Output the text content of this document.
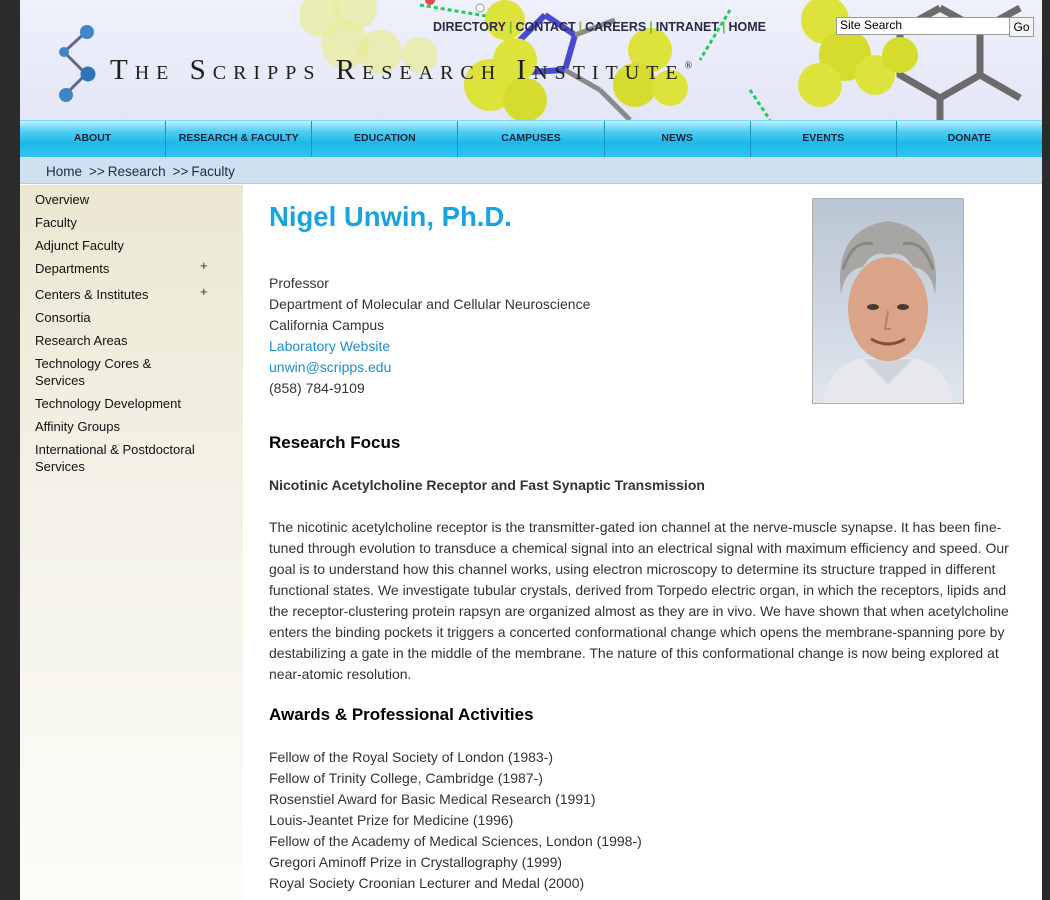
The Scripps Research Institute®
DIRECTORY | CONTACT | CAREERS | INTRANET | HOME	Site Search	Go
ABOUT	RESEARCH & FACULTY	EDUCATION	CAMPUSES	NEWS	EVENTS	DONATE
Home >> Research >> Faculty
Overview
Faculty
Adjunct Faculty
Departments	+
Centers & Institutes	+
Consortia
Research Areas
Technology Cores & Services
Technology Development
Affinity Groups
International & Postdoctoral Services
Nigel Unwin, Ph.D.
Professor
Department of Molecular and Cellular Neuroscience
California Campus
Laboratory Website
unwin@scripps.edu
(858) 784-9109
Research Focus
Nicotinic Acetylcholine Receptor and Fast Synaptic Transmission
The nicotinic acetylcholine receptor is the transmitter-gated ion channel at the nerve-muscle synapse. It has been fine-tuned through evolution to transduce a chemical signal into an electrical signal with maximum efficiency and speed. Our goal is to understand how this channel works, using electron microscopy to determine its structure trapped in different functional states. We investigate tubular crystals, derived from Torpedo electric organ, in which the receptors, lipids and the receptor-clustering protein rapsyn are organized almost as they are in vivo. We have shown that when acetylcholine enters the binding pockets it triggers a concerted conformational change which opens the membrane-spanning pore by destabilizing a gate in the middle of the membrane. The nature of this conformational change is now being explored at near-atomic resolution.
Awards & Professional Activities
Fellow of the Royal Society of London (1983-)
Fellow of Trinity College, Cambridge (1987-)
Rosenstiel Award for Basic Medical Research (1991)
Louis-Jeantet Prize for Medicine (1996)
Fellow of the Academy of Medical Sciences, London (1998-)
Gregori Aminoff Prize in Crystallography (1999)
Royal Society Croonian Lecturer and Medal (2000)
